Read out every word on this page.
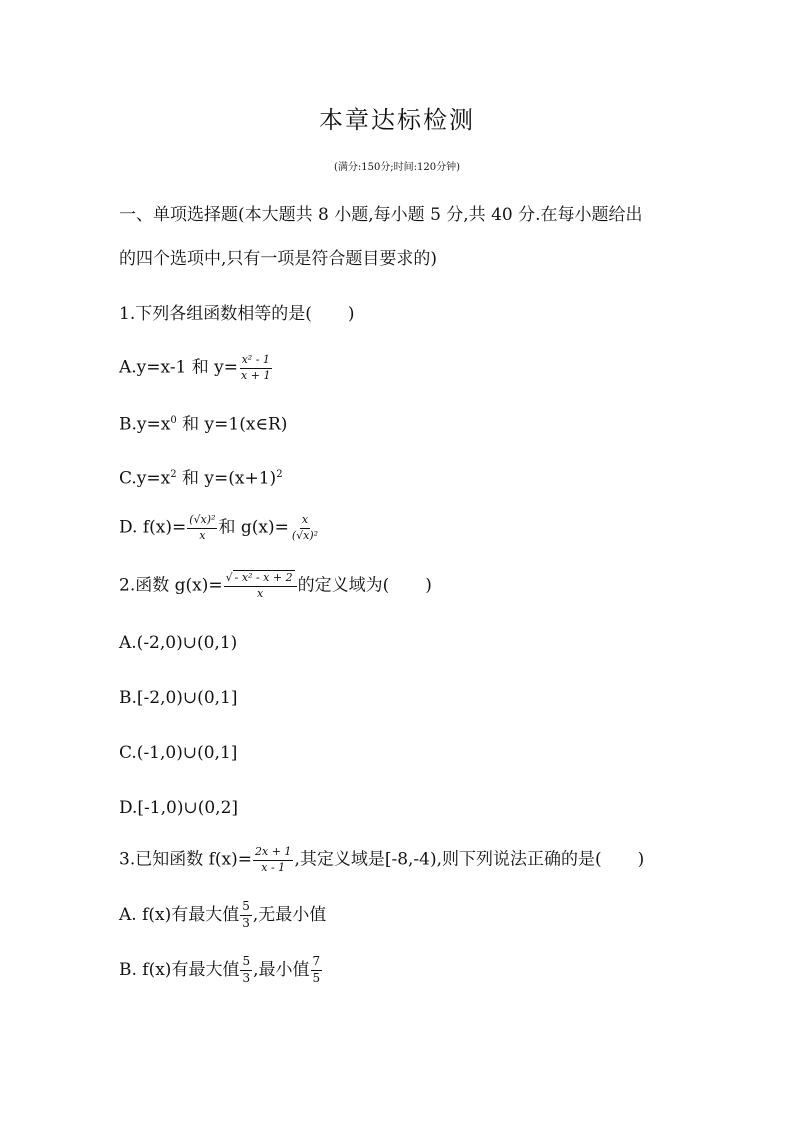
本章达标检测
(满分:150分;时间:120分钟)
一、单项选择题(本大题共 8 小题,每小题 5 分,共 40 分.在每小题给出
的四个选项中,只有一项是符合题目要求的)
1.下列各组函数相等的是( )
A.y=x-1 和 $y= \frac{\text{x² - 1}}{x + 1}$
$B.y=x^0$ 和 y=1(x∈R)
$C.y=x^2$ 和 $y=(x+1)^2$
D. $f(x)= \frac{\text{(√x)²}}{x}$ 和 $g(x)= \frac{x}{\text{(√x)²}}$
2.函数 $g(x)= \frac{\text{√ - x² - x + 2}}{x}$ 的定义域为( )
A.(-2,0)∪(0,1)
B.[-2,0)∪(0,1]
C.(-1,0)∪(0,1]
D.[-1,0)∪(0,2]
3.已知函数 $f(x)= \frac{2x + 1}{x - 1}$ ,其定义域是[-8,-4),则下列说法正确的是( )
A. f(x)有最大值 $\frac{5}{3}$ ,无最小值
B. f(x)有最大值 $\frac{5}{3}$ ,最小值 $\frac{7}{5}$
